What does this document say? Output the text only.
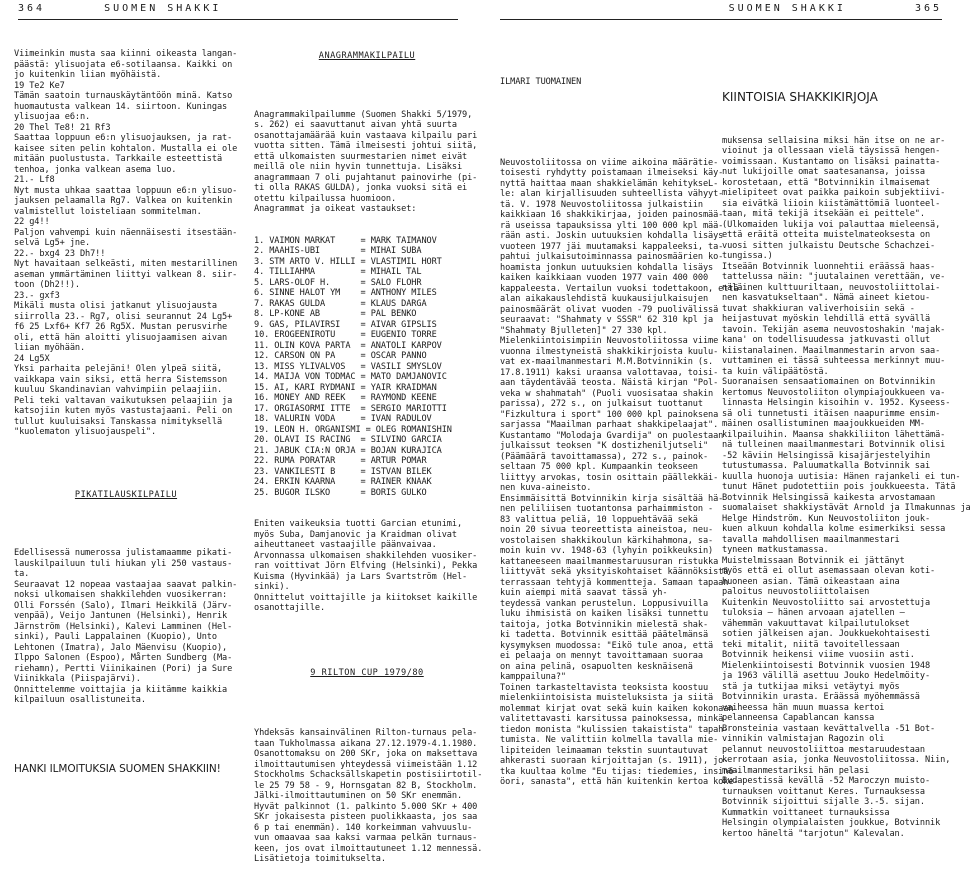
364	SUOMEN SHAKKI	SUOMEN SHAKKI	365

Viimeinkin musta saa kiinni oikeasta langan-
päästä: ylisuojata e6-sotilaansa. Kaikki on
jo kuitenkin liian myöhäistä.
19 Te2 Ke7
Tämän saatoin turnauskäytäntöön minä. Katso
huomautusta valkean 14. siirtoon. Kuningas
ylisuojaa e6:n.
20 Thel Te8! 21 Rf3
Saattaa loppuun e6:n ylisuojauksen, ja rat-
kaisee siten pelin kohtalon. Mustalla ei ole
mitään puolustusta. Tarkkaile esteettistä
tenhoa, jonka valkean asema luo.
21.- Lf8
Nyt musta uhkaa saattaa loppuun e6:n ylisuo-
jauksen pelaamalla Rg7. Valkea on kuitenkin
valmistellut loisteliaan sommitelman.
22 g4!!
Paljon vahvempi kuin näennäisesti itsestään-
selvä Lg5+ jne.
22.- bxg4 23 Dh7!!
Nyt havaitaan selkeästi, miten mestarillinen
aseman ymmärtäminen liittyi valkean 8. siir-
toon (Dh2!!).
23.- gxf3
Mikäli musta olisi jatkanut ylisuojausta
siirrolla 23.- Rg7, olisi seurannut 24 Lg5+
f6 25 Lxf6+ Kf7 26 Rg5X. Mustan perusvirhe
oli, että hän aloitti ylisuojaamisen aivan
liian myöhään.
24 Lg5X
Yksi parhaita pelejäni! Olen ylpeä siitä,
vaikkapa vain siksi, että herra Sistemsson
kuuluu Skandinavian vahvimpiin pelaajiin.
Peli teki valtavan vaikutuksen pelaajiin ja
katsojiin kuten myös vastustajaani. Peli on
tullut kuuluisaksi Tanskassa nimityksellä
"kuolematon ylisuojauspeli".

PIKATILAUSKILPAILU

Edellisessä numerossa julistamaamme pikati-
lauskilpailuun tuli hiukan yli 250 vastaus-
ta.
Seuraavat 12 nopeaa vastaajaa saavat palkin-
noksi ulkomaisen shakkilehden vuosikerran:
Olli Forssén (Salo), Ilmari Heikkilä (Järv-
venpää), Veijo Jantunen (Helsinki), Henrik
Järnström (Helsinki), Kalevi Lamminen (Hel-
sinki), Pauli Lappalainen (Kuopio), Unto
Lehtonen (Imatra), Jalo Mäenvisu (Kuopio),
Ilppo Salonen (Espoo), Mårten Sundberg (Ma-
riehamn), Pertti Viinikainen (Pori) ja Sure
Viinikkala (Piispajärvi).
Onnittelemme voittajia ja kiitämme kaikkia
kilpailuun osallistuneita.

HANKI ILMOITUKSIA SUOMEN SHAKKIIN!

ANAGRAMMAKILPAILU

Anagrammakilpailumme (Suomen Shakki 5/1979,
s. 262) ei saavuttanut aivan yhtä suurta
osanottajamäärää kuin vastaava kilpailu pari
vuotta sitten. Tämä ilmeisesti johtui siitä,
että ulkomaisten suurmestarien nimet eivät
meillä ole niin hyvin tunnettuja. Lisäksi
anagrammaan 7 oli pujahtanut painovirhe (pi-
ti olla RAKAS GULDA), jonka vuoksi sitä ei
otettu kilpailussa huomioon.
Anagrammat ja oikeat vastaukset:

1. VAIMON MARKAT     = MARK TAIMANOV
2. MAAHIS-UBI        = MIHAI SUBA
3. STM ARTO V. HILLI = VLASTIMIL HORT
4. TILLIAHMA         = MIHAIL TAL
5. LARS-OLOF H.      = SALO FLOHR
6. SINNE HALOT YM    = ANTHONY MILES
7. RAKAS GULDA       = KLAUS DARGA
8. LP-KONE AB        = PAL BENKO
9. GAS, PILAVIRSI    = AIVAR GIPSLIS
10. EROGEENIROTU     = EUGENIO TORRE
11. OLIN KOVA PARTA  = ANATOLI KARPOV
12. CARSON ON PA     = OSCAR PANNO
13. MISS YLIVALVOS   = VASILI SMYSLOV
14. MAIJA VON TODMAC = MATO DAMJANOVIC
15. AI, KARI RYDMANI = YAIR KRAIDMAN
16. MONEY AND REEK   = RAYMOND KEENE
17. ORGIASORMI ITTE  = SERGIO MARIOTTI
18. VALURIN VODA     = IVAN RADULOV
19. LEON H. ORGANISMI = OLEG ROMANISHIN
20. OLAVI IS RACING  = SILVINO GARCIA
21. JABUK CIA:N ORJA = BOJAN KURAJICA
22. RUMA PORATAR     = ARTUR POMAR
23. VANKILESTI B     = ISTVAN BILEK
24. ERKIN KAARNA     = RAINER KNAAK
25. BUGOR ILSKO      = BORIS GULKO

Eniten vaikeuksia tuotti Garcian etunimi,
myös Suba, Damjanovic ja Kraidman olivat
aiheuttaneet vastaajille päänvaivaa.
Arvonnassa ulkomaisen shakkilehden vuosiker-
ran voittivat Jörn Elfving (Helsinki), Pekka
Kuisma (Hyvinkää) ja Lars Svartström (Hel-
sinki).
Onnittelut voittajille ja kiitokset kaikille
osanottajille.

9 RILTON CUP 1979/80

Yhdeksäs kansainvälinen Rilton-turnaus pela-
taan Tukholmassa aikana 27.12.1979-4.1.1980.
Osanottomaksu on 200 SKr, joka on maksettava
ilmoittautumisen yhteydessä viimeistään 1.12
Stockholms Schacksällskapetin postisiirtotil-
le 25 79 58 - 9, Hornsgatan 82 B, Stockholm.
Jälki-ilmoittautuminen on 50 SKr enemmän.
Hyvät palkinnot (1. palkinto 5.000 SKr + 400
SKr jokaisesta pisteen puolikkaasta, jos saa
6 p tai enemmän). 140 korkeimman vahvuuslu-
vun omaavaa saa kaksi varmaa pelkän turnaus-
keen, jos ovat ilmoittautuneet 1.12 mennessä.
Lisätietoja toimitukselta.

ILMARI TUOMAINEN

Neuvostoliitossa on viime aikoina määrätie-
toisesti ryhdytty poistamaan ilmeiseksi käy-
nyttä haittaa maan shakkielämän kehitykseL-
le: alan kirjallisuuden suhteellista vähyyt-
tä. V. 1978 Neuvostoliitossa julkaistiin
kaikkiaan 16 shakkikirjaa, joiden painosmää-
rä useissa tapauksissa ylti 100 000 kpl mää-
rään asti. Joskin uutuuksien kohdalla lisäys
vuoteen 1977 jäi muutamaksi kappaleeksi, ta-
pahtui julkaisutoiminnassa painosmäärien ko-
hoamista jonkun uutuuksien kohdalla lisäys
kaiken kaikkiaan vuoden 1977 vain 400 000
kappaleesta. Vertailun vuoksi todettakoon, että
alan aikakauslehdistä kuukausijulkaisujen
painosmäärät olivat vuoden -79 puolivälissä
seuraavat: "Shahmaty v SSSR" 62 310 kpl ja
"Shahmaty Bjulleten]" 27 330 kpl.
Mielenkiintoisimpiin Neuvostoliitossa viime
vuonna ilmestyneistä shakkikirjoista kuulu-
vat ex-maailmanmestari M.M.Botvinnikin (s.
17.8.1911) kaksi uraansa valottavaa, toisi-
aan täydentävää teosta. Näistä kirjan "Pol-
veka w shahmatah" (Puoli vuosisataa shakin
parissa), 272 s., on julkaisut tuottanut
"Fizkultura i sport" 100 000 kpl painoksena
sarjassa "Maailman parhaat shakkipelaajat".
Kustantamo "Molodaja Gvardija" on puolestaan
julkaissut teoksen "K dostizheniljutseli"
(Päämäärä tavoittamassa), 272 s., painok-
seltaan 75 000 kpl. Kumpaankin teokseen
liittyy arvokas, tosin osittain päällekkäi-
nen kuva-aineisto.
Ensimmäisittä Botvinnikin kirja sisältää hä-
nen peliliisen tuotantonsa parhaimmiston -
83 valittua peliä, 10 loppuehtävää sekä
noin 20 sivua teoreettista aineistoa, neu-
vostolaisen shakkikoulun kärkihahmona, sa-
moin kuin vv. 1948-63 (lyhyin poikkeuksin)
kattaneeseen maailmanmestaruusuran ristukka
liittyvät sekä yksityiskohtaiset käännöksistä
terrassaan tehtyjä kommentteja. Samaan tapaan
kuin aiempi mitä saavat tässä yh-
teydessä vankan perustelun. Loppusivuilla
luku ihmisistä on kaiken lisäksi tunnettu
taitoja, jotka Botvinnikin mielestä shak-
ki tadetta. Botvinnik esittää päätelmänsä
kysymyksen muodossa: "Eikö tule anoa, että
ei pelaaja on mennyt tavoittamaan suoraa
on aina pelinä, osapuolten kesknäisenä
kamppailuna?"
Toinen tarkasteltavista teoksista koostuu
mielenkiintoisista muisteluksista ja siitä
molemmat kirjat ovat sekä kuin kaiken kokonaan
valitettavasti karsitussa painoksessa, minkä
tiedon monista "kulissien takaistista" tapah-
tumista. Ne valittiin kolmella tavalla mie-
lipiteiden leimaaman tekstin suuntautuvat
ahkerasti suoraan kirjoittajan (s. 1911), jo-
tka kuultaa kolme "Eu tijas: tiedemies, insinö-
öori, sanasta", että hän kuitenkin kertoa koke-

KIINTOISIA SHAKKIKIRJOJA

muksensa sellaisina miksi hän itse on ne ar-
vioinut ja ollessaan vielä täysissä hengen-
voimissaan. Kustantamo on lisäksi painatta-
nut lukijoille omat saatesanansa, joissa
korostetaan, että "Botvinnikin ilmaisemat
mielipiteet ovat paikka paikoin subjektiivi-
sia eivätkä liioin kiistämättömiä luonteel-
taan, mitä tekijä itsekään ei peittele".
(Ulkomaiden lukija voi palauttaa mieleensä,
että eräitä otteita muistelmateoksesta on
vuosi sitten julkaistu Deutsche Schachzei-
tungissa.)
Itseään Botvinnik luonnehtii eräässä haas-
tattelussa näin: "juutalainen verettään, ve-
näläinen kulttuuriltaan, neuvostoliittolai-
nen kasvatukseltaan". Nämä aineet kietou-
tuvat shakkiuran valiverhoisiin sekä -
heijastuvat myöskin lehdillä että syvällä
tavoin. Tekijän asema neuvostoshakin 'majak-
kana' on todellisuudessa jatkuvasti ollut
kiistanalainen. Maailmanmestarin arvon saa-
vuttaminen ei tässä suhteessa merkinnyt muu-
ta kuin välipäätöstä.
Suoranaisen sensaatiomainen on Botvinnikin
kertomus Neuvostoliiton olympiajoukkueen va-
linnasta Helsingin kisoihin v. 1952. Kyseess-
sä oli tunnetusti itäisen naapurimme ensim-
mäinen osallistuminen maajoukkueiden MM-
kilpailuihin. Maansa shakkiliiton lähettämä-
nä tulleinen maailmanmestari Botvinnik olisi
-52 käviin Helsingissä kisajärjestelyihin
tutustumassa. Paluumatkalla Botvinnik sai
kuulla huonoja uutisia: Hänen rajankeli ei tun-
tunut Hänet pudotettiin pois joukkueesta. Tätä
Botvinnik Helsingissä kaikesta arvostamaan
suomalaiset shakkiystävät Arnold ja Ilmakunnas ja
Helge Hindström. Kun Neuvostoliiton jouk-
kuen alkuun kohdalla kolme esimerkiksi sessa
tavalla mahdollisen maailmanmestari
tyneen matkustamassa.
Muistelmissaan Botvinnik ei jättänyt
myös että ei ollut asemassaan olevan koti-
huoneen asian. Tämä oikeastaan aina
paloitus neuvostoliittolaisen
Kuitenkin Neuvostoliitto sai arvostettuja
tuloksia – hänen arvoaan ajatellen –
vähemmän vakuuttavat kilpailutulokset
sotien jälkeisen ajan. Joukkuekohtaisesti
teki mitalit, niitä tavoitellessaan
Botvinnik heikensi viime vuosiin asti.
Mielenkiintoisesti Botvinnik vuosien 1948
ja 1963 välillä asettuu Jouko Hedelmöity-
stä ja tutkijaa miksi vetäytyi myös
Botvinnikin urasta. Eräässä myöhemmässä
vaiheessa hän muun muassa kertoi
pelanneensa Capablancan kanssa
Bronsteinia vastaan kevättalvella -51 Bot-
vinnikin valmistajan Ragozin oli
pelannut neuvostoliittoa mestaruudestaan
kerrotaan asia, jonka Neuvostoliitossa. Niin,
maailmanmestariksi hän pelasi
Budapestissä kevällä -52 Maroczyn muisto-
turnauksen voittanut Keres. Turnauksessa
Botvinnik sijoittui sijalle 3.-5. sijan.
Kummatkin voittaneet turnauksissa
Helsingin olympialaisten joukkue, Botvinnik
kertoo häneltä "tarjotun" Kalevalan.
